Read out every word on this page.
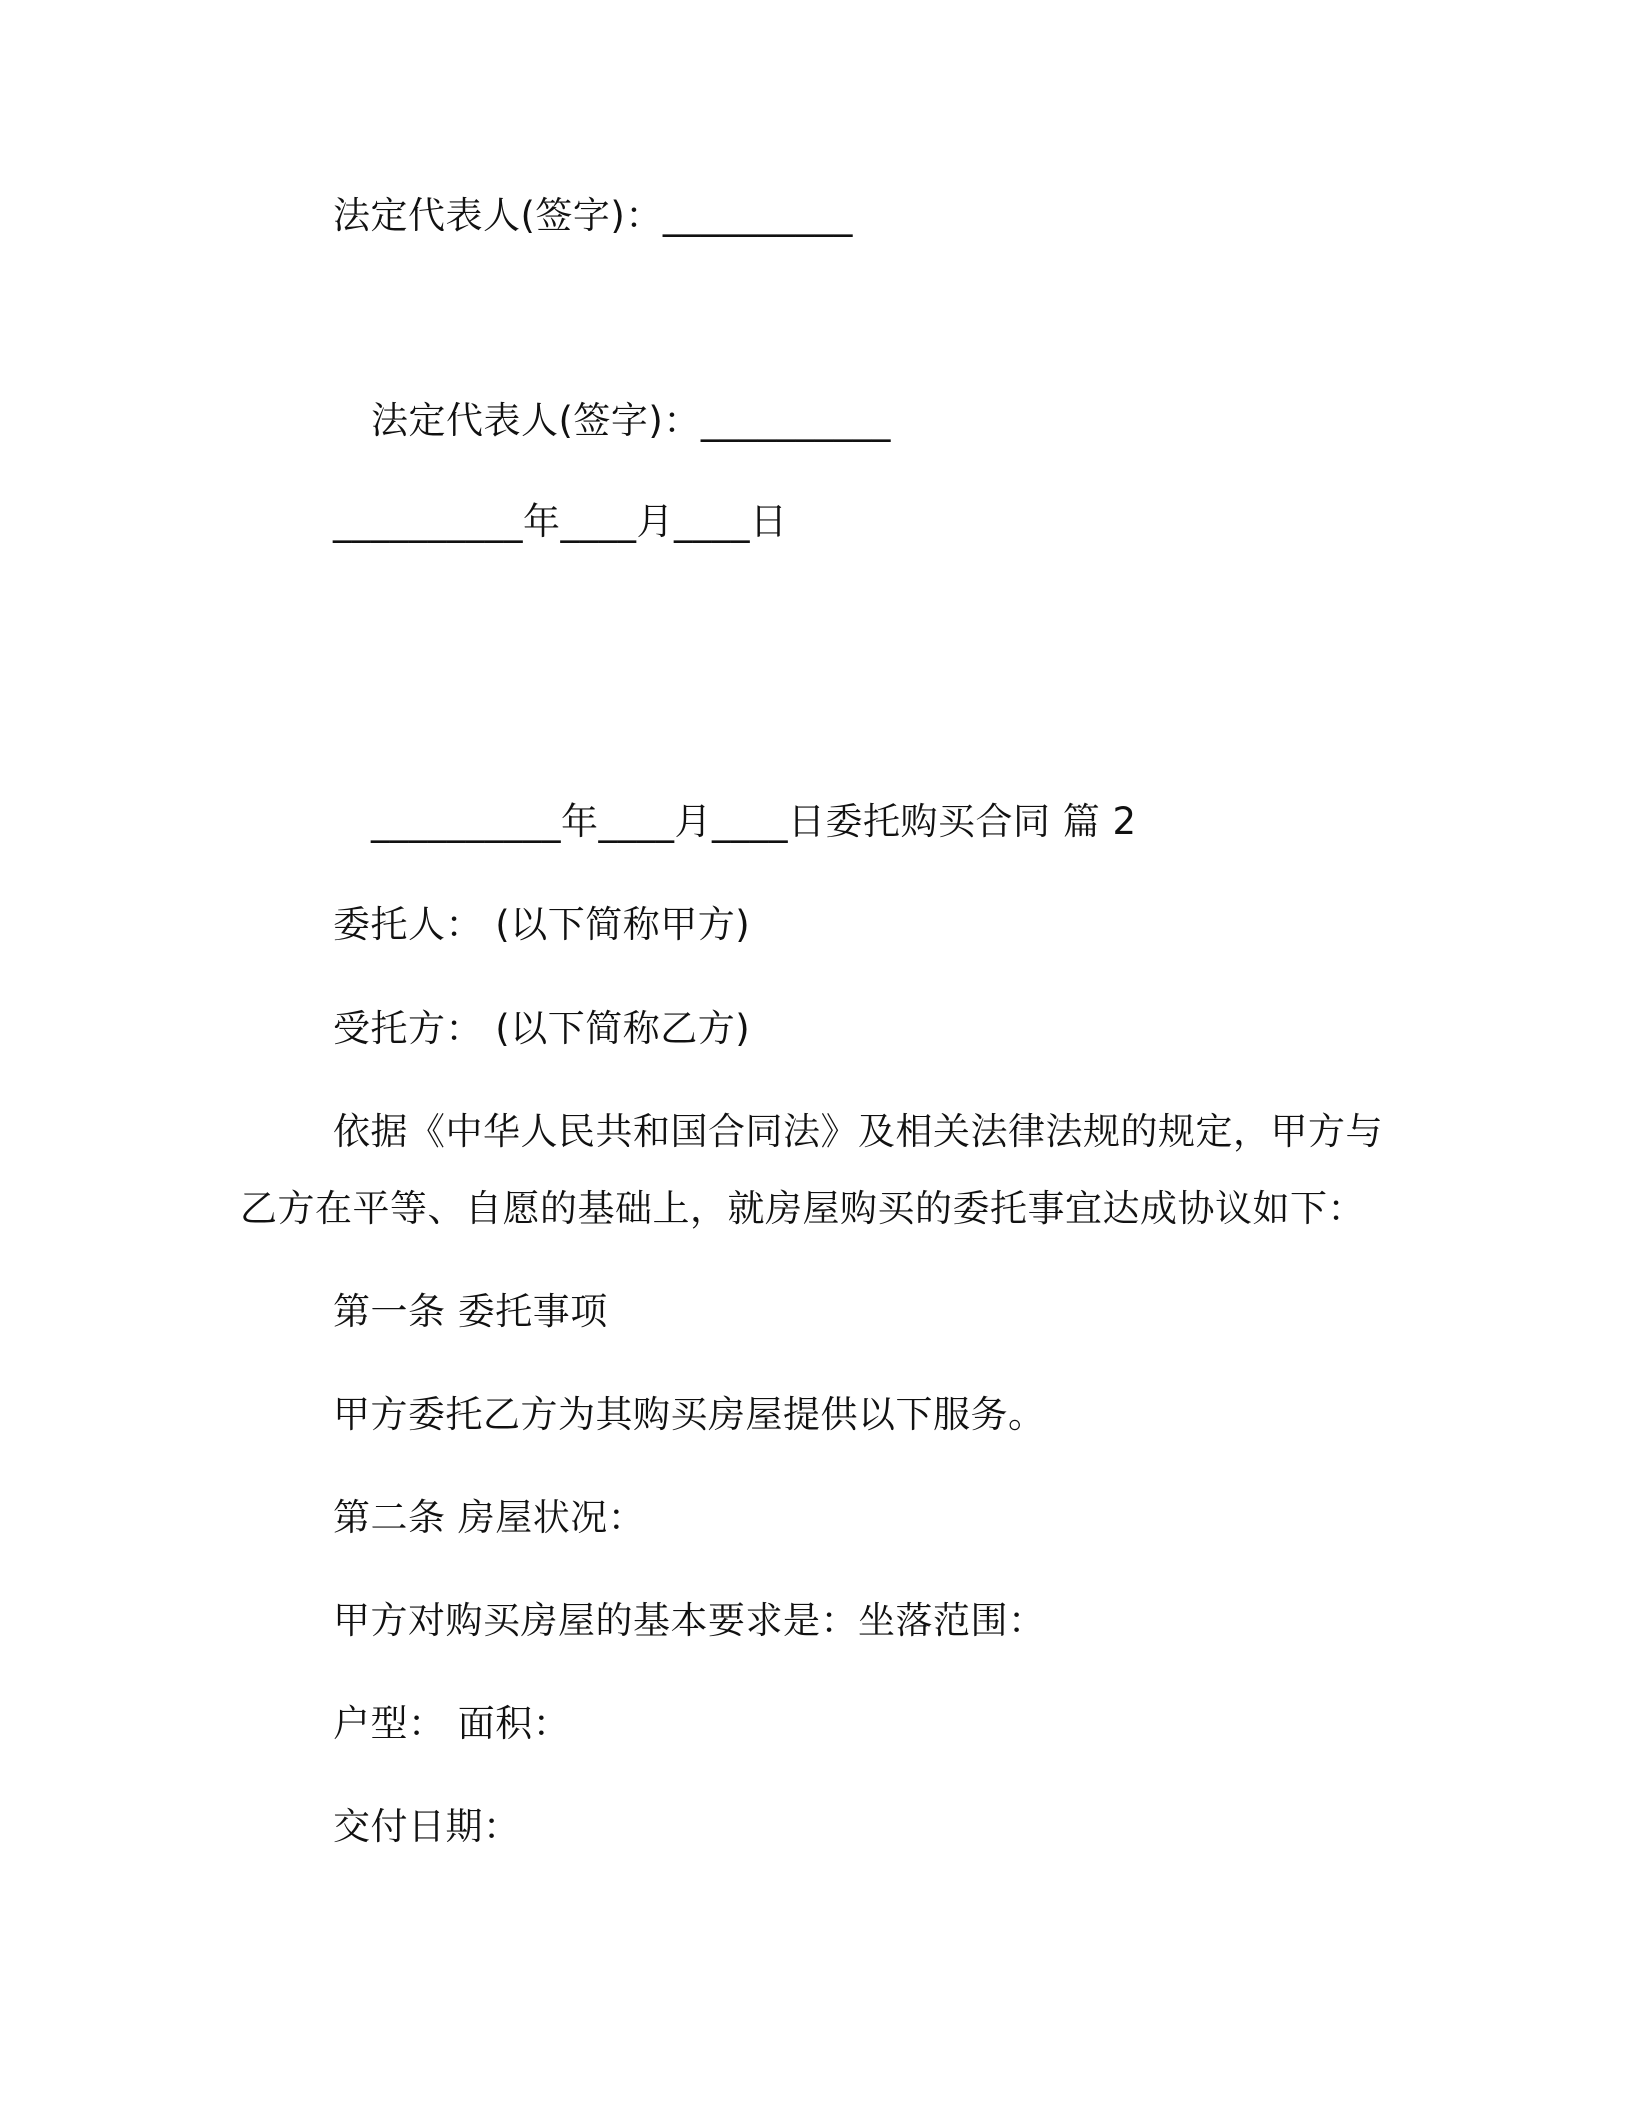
法定代表人(签字)：__________
法定代表人(签字)：__________
__________年____月____日
__________年____月____日委托购买合同 篇 2
委托人： (以下简称甲方)
受托方： (以下简称乙方)
依据《中华人民共和国合同法》及相关法律法规的规定，甲方与
乙方在平等、自愿的基础上，就房屋购买的委托事宜达成协议如下：
第一条 委托事项
甲方委托乙方为其购买房屋提供以下服务。
第二条 房屋状况：
甲方对购买房屋的基本要求是：坐落范围：
户型： 面积：
交付日期：
